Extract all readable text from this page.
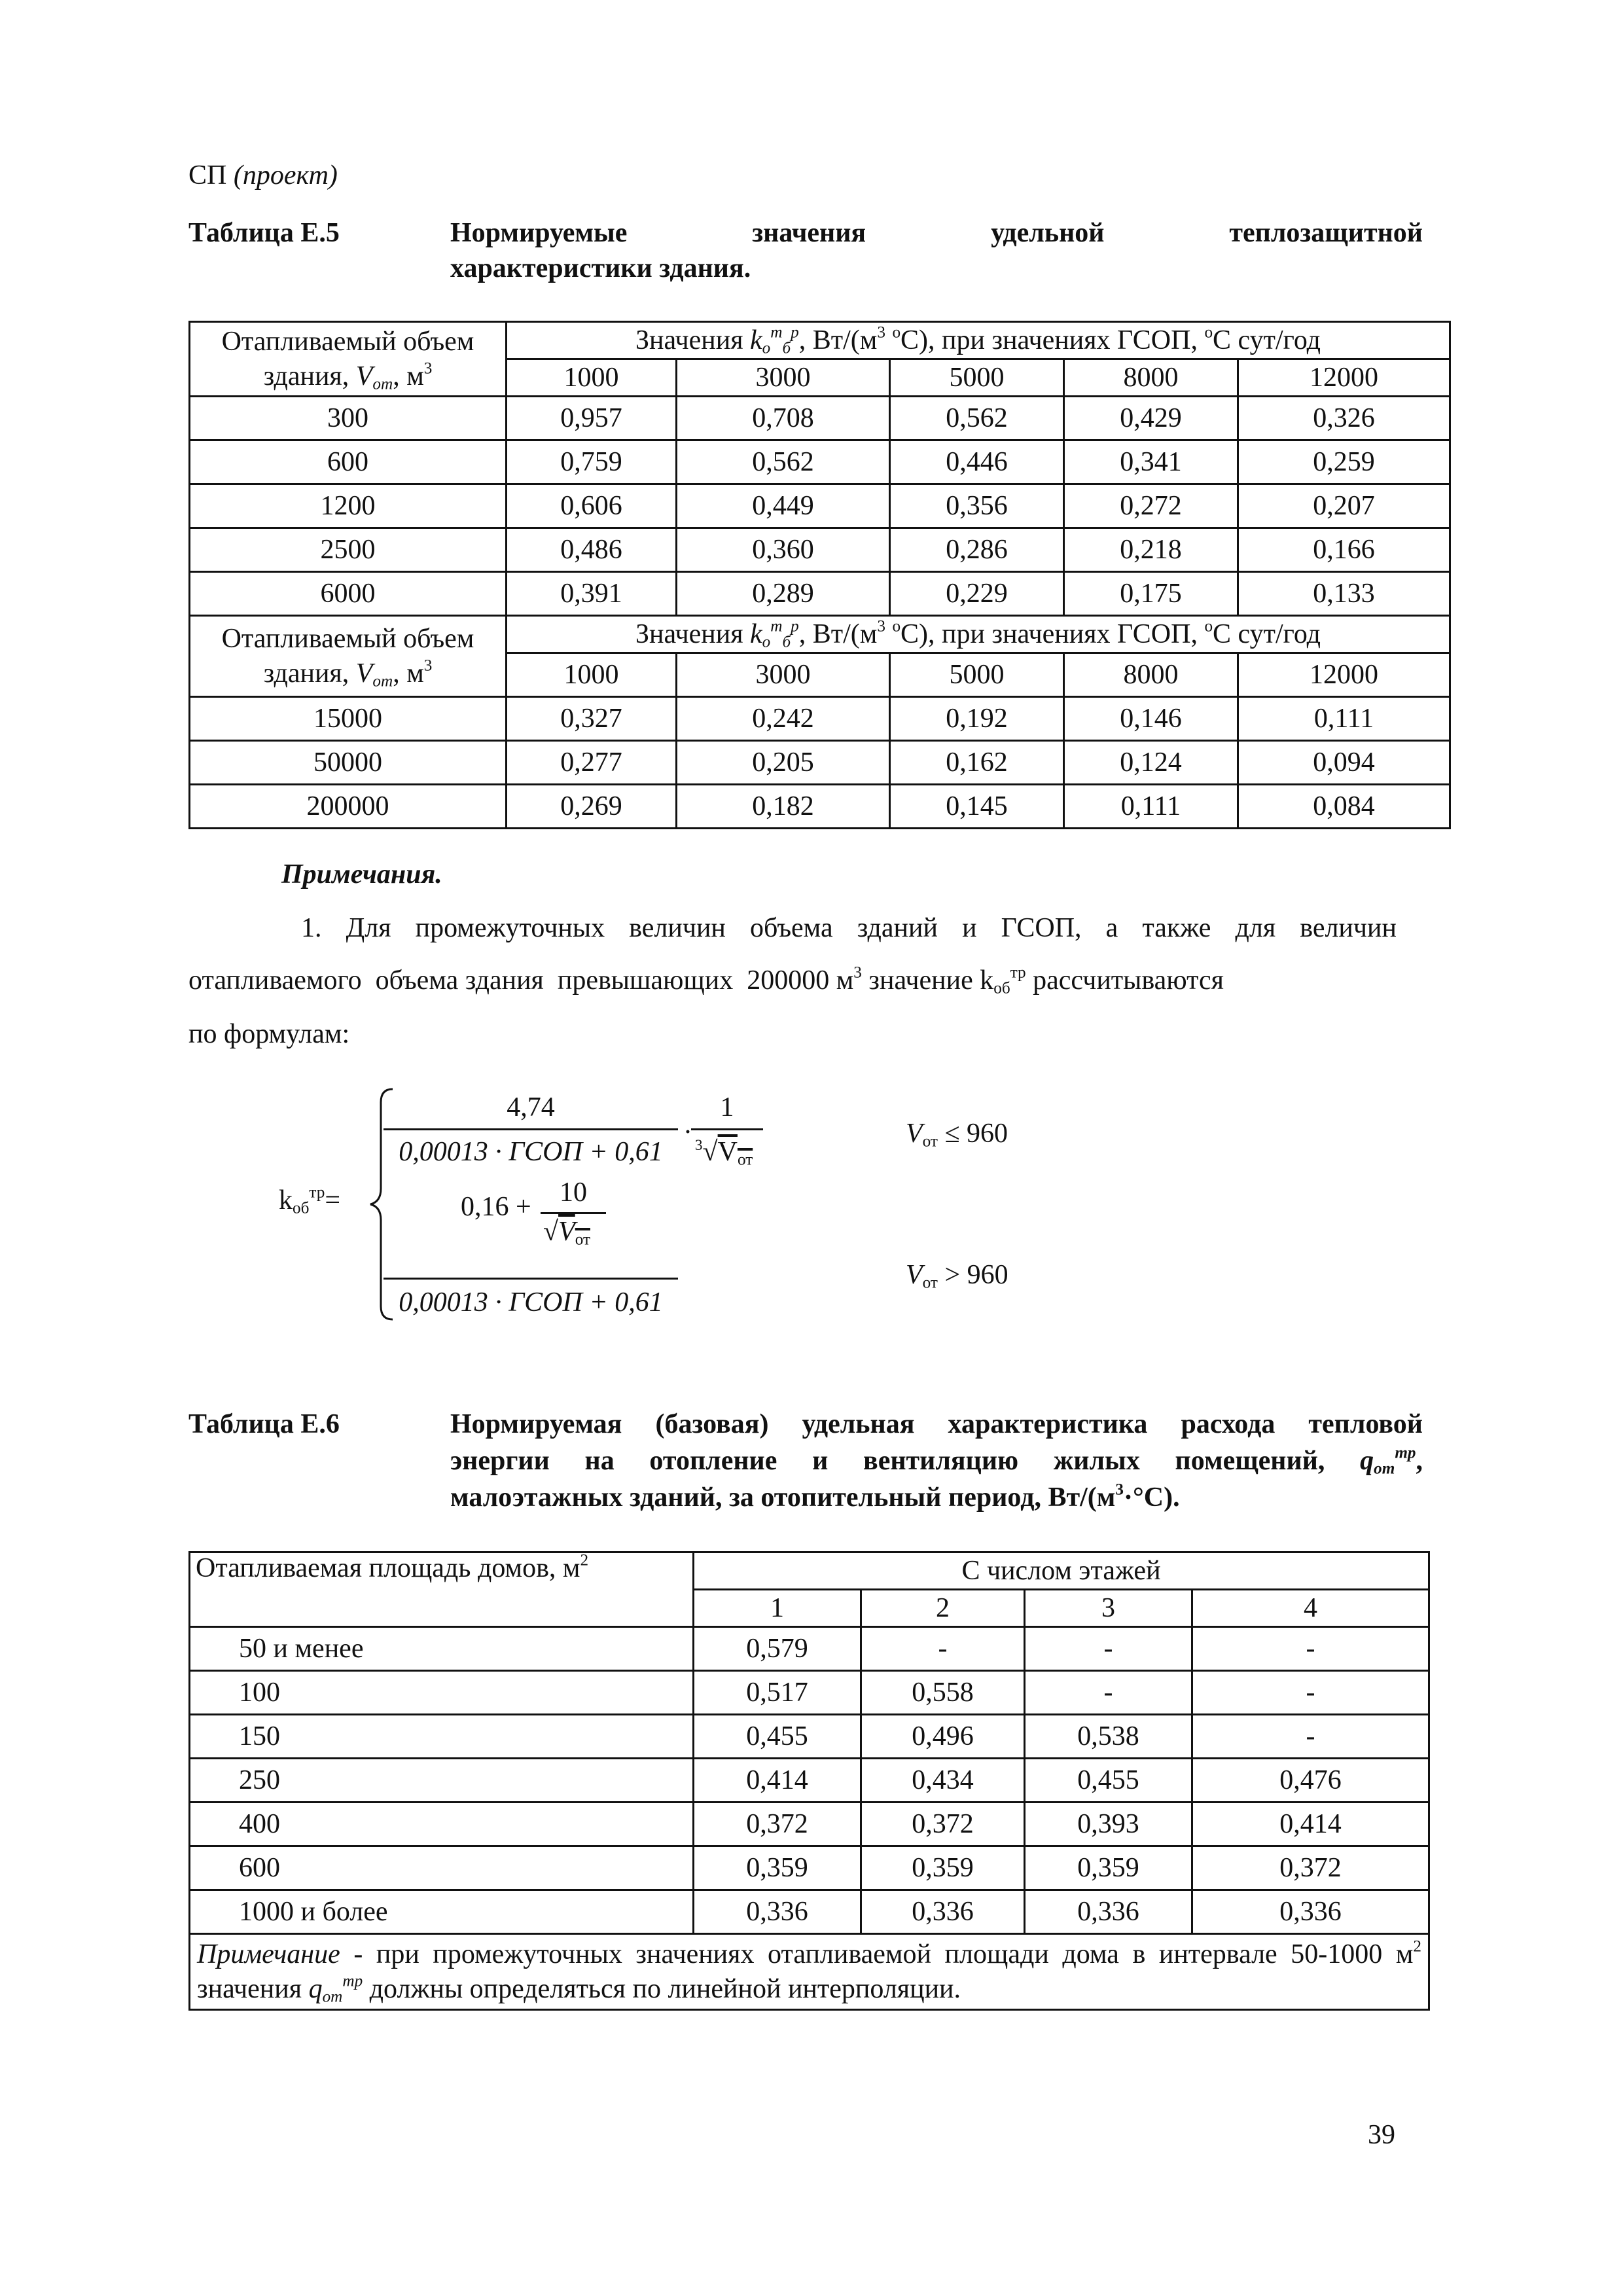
СП (проект)
Таблица Е.5	Нормируемые значения удельной теплозащитной
характеристики здания.
Отапливаемый объем
здания, $V_{от}$, $м^3$	Значения $k_о^т_б^р$, $Вт/(м^3$ $^о$С), при значениях ГСОП, $^о$С сут/год				
	1000	3000	5000	8000	12000
300	0,957	0,708	0,562	0,429	0,326
600	0,759	0,562	0,446	0,341	0,259
1200	0,606	0,449	0,356	0,272	0,207
2500	0,486	0,360	0,286	0,218	0,166
6000	0,391	0,289	0,229	0,175	0,133
Отапливаемый объем
здания, $V_{от}$, $м^3$	Значения $k_о^т_б^р$, $Вт/(м^3$ $^о$С), при значениях ГСОП, $^о$С сут/год				
	1000	3000	5000	8000	12000
15000	0,327	0,242	0,192	0,146	0,111
50000	0,277	0,205	0,162	0,124	0,094
200000	0,269	0,182	0,145	0,111	0,084
Примечания.
1. Для промежуточных величин объема зданий и ГСОП, а также для величин
отапливаемого  объема здания  превышающих  200000 $м^3$ значение $k_{об}^{тр}$ рассчитываются
по формулам:
$k_{об}^{тр}=$
4,74
0,00013 · ГСОП + 0,61
·
1
$^3√V_{от}$
$V_{от} \le 960$
0,16 +	10
$√V_{от}$
0,00013 · ГСОП + 0,61
$V_{от} > 960$
Таблица Е.6	Нормируемая (базовая) удельная характеристика расхода тепловой
энергии на отопление и вентиляцию жилых помещений, $q_{от}^{тр}$,
малоэтажных зданий, за отопительный период, $Вт/(м^3\cdot^\circ С)$.
Отапливаемая площадь домов, $м^2$	С числом этажей			
	1	2	3	4
50 и менее	0,579	-	-	-
100	0,517	0,558	-	-
150	0,455	0,496	0,538	-
250	0,414	0,434	0,455	0,476
400	0,372	0,372	0,393	0,414
600	0,359	0,359	0,359	0,372
1000 и более	0,336	0,336	0,336	0,336
Примечание - при промежуточных значениях отапливаемой площади дома в интервале 50-1000 $м^2$ значения $q_{от}^{тр}$ должны определяться по линейной интерполяции.				
39
